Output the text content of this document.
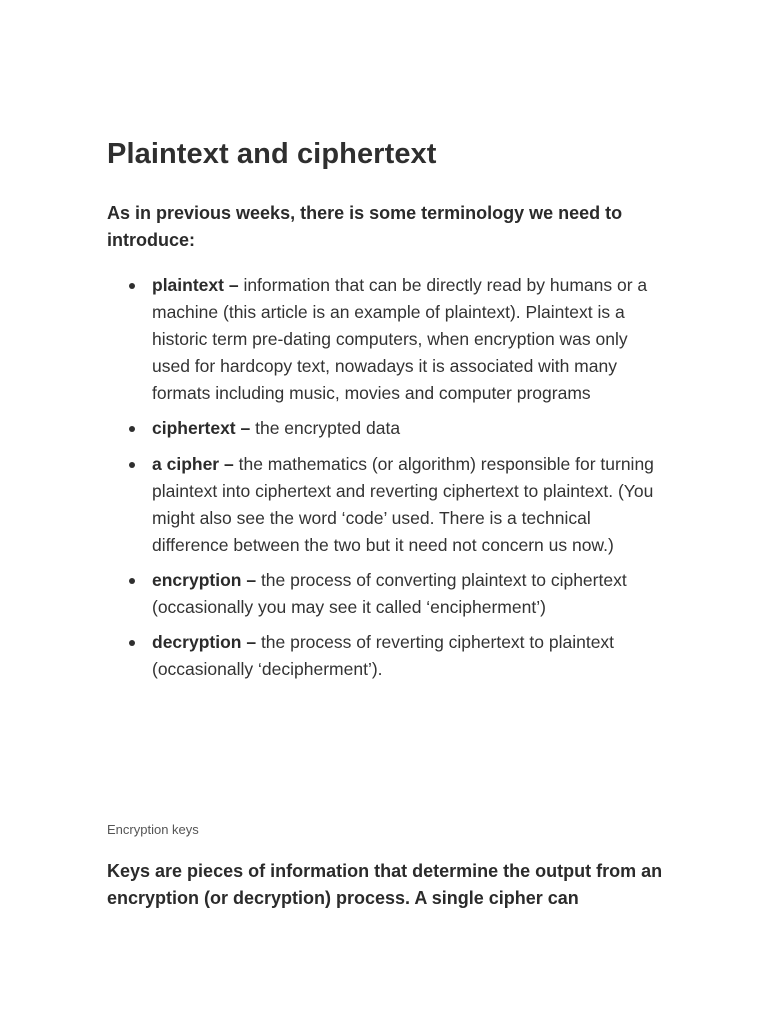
Plaintext and ciphertext

As in previous weeks, there is some terminology we need to introduce:

plaintext – information that can be directly read by humans or a machine (this article is an example of plaintext). Plaintext is a historic term pre-dating computers, when encryption was only used for hardcopy text, nowadays it is associated with many formats including music, movies and computer programs
ciphertext – the encrypted data
a cipher – the mathematics (or algorithm) responsible for turning plaintext into ciphertext and reverting ciphertext to plaintext. (You might also see the word ‘code’ used. There is a technical difference between the two but it need not concern us now.)
encryption – the process of converting plaintext to ciphertext (occasionally you may see it called ‘encipherment’)
decryption – the process of reverting ciphertext to plaintext (occasionally ‘decipherment’).

Encryption keys

Keys are pieces of information that determine the output from an encryption (or decryption) process. A single cipher can
